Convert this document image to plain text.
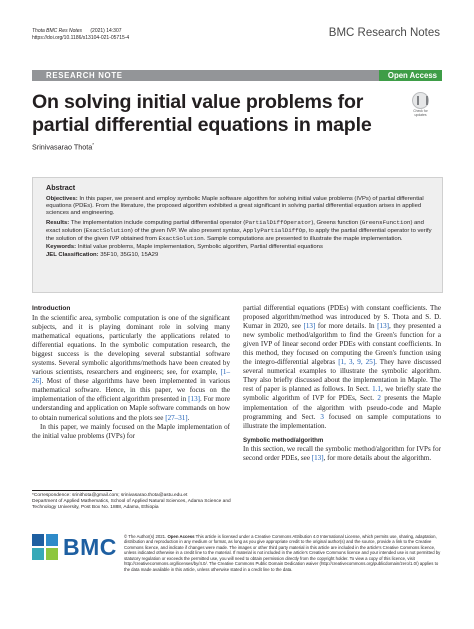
Thota BMC Res Notes (2021) 14:307
https://doi.org/10.1186/s13104-021-05715-4	BMC Research Notes
RESEARCH NOTE	Open Access
Check for
updates
On solving initial value problems for partial differential equations in maple
Srinivasarao Thota*
Abstract

Objectives: In this paper, we present and employ symbolic Maple software algorithm for solving initial value problems (IVPs) of partial differential equations (PDEs). From the literature, the proposed algorithm exhibited a great significant in solving partial differential equation arises in applied sciences and engineering.

Results: The implementation include computing partial differential operator (PartialDiffOperator), Greens function (GreensFunction) and exact solution (ExactSolution) of the given IVP. We also present syntax, ApplyPartialDiffOp, to apply the partial differential operator to verify the solution of the given IVP obtained from ExactSolution. Sample computations are presented to illustrate the maple implementation.

Keywords: Initial value problems, Maple implementation, Symbolic algorithm, Partial differential equations

JEL Classification: 35F10, 35G10, 15A29

Introduction

In the scientific area, symbolic computation is one of the significant subjects, and it is playing dominant role in solving many mathematical equations, particularly the applications related to differential equations. In the symbolic computation research, the biggest success is the developing several substantial software systems. Several symbolic algorithms/methods have been created by various scientists, researchers and engineers; see, for example, [1–26]. Most of these algorithms have been implemented in various mathematical software. Hence, in this paper, we focus on the implementation of the efficient algorithm presented in [13]. For more understanding and application on Maple software commands on how to obtain numerical solutions and the plots see [27–31].

In this paper, we mainly focused on the Maple implementation of the initial value problems (IVPs) for

partial differential equations (PDEs) with constant coefficients. The proposed algorithm/method was introduced by S. Thota and S. D. Kumar in 2020, see [13] for more details. In [13], they presented a new symbolic method/algorithm to find the Green's function for a given IVP of linear second order PDEs with constant coefficients. In this method, they focused on computing the Green's function using the integro-differential algebras [1, 3, 9, 25]. They have discussed several numerical examples to illustrate the symbolic algorithm. They also briefly discussed about the implementation in Maple. The rest of paper is planned as follows. In Sect. 1.1, we briefly state the symbolic algorithm of IVP for PDEs, Sect. 2 presents the Maple implementation of the algorithm with pseudo-code and Maple programming and Sect. 3 focused on sample computations to illustrate the implementation.

Symbolic method/algorithm

In this section, we recall the symbolic method/algorithm for IVPs for second order PDEs, see [13], for more details about the algorithm.

*Correspondence: srinithota@gmail.com; srinivasarao.thota@astu.edu.et
Department of Applied Mathematics, School of Applied Natural Sciences, Adama Science and Technology University, Post Box No. 1888, Adama, Ethiopia
BMC © The Author(s) 2021. Open Access This article is licensed under a Creative Commons Attribution 4.0 International License, which permits use, sharing, adaptation, distribution and reproduction in any medium or format, as long as you give appropriate credit to the original author(s) and the source, provide a link to the Creative Commons licence, and indicate if changes were made. The images or other third party material in this article are included in the article's Creative Commons licence, unless indicated otherwise in a credit line to the material. If material is not included in the article's Creative Commons licence and your intended use is not permitted by statutory regulation or exceeds the permitted use, you will need to obtain permission directly from the copyright holder. To view a copy of this licence, visit http://creativecommons.org/licenses/by/4.0/. The Creative Commons Public Domain Dedication waiver (http://creativecommons.org/publicdomain/zero/1.0/) applies to the data made available in this article, unless otherwise stated in a credit line to the data.
